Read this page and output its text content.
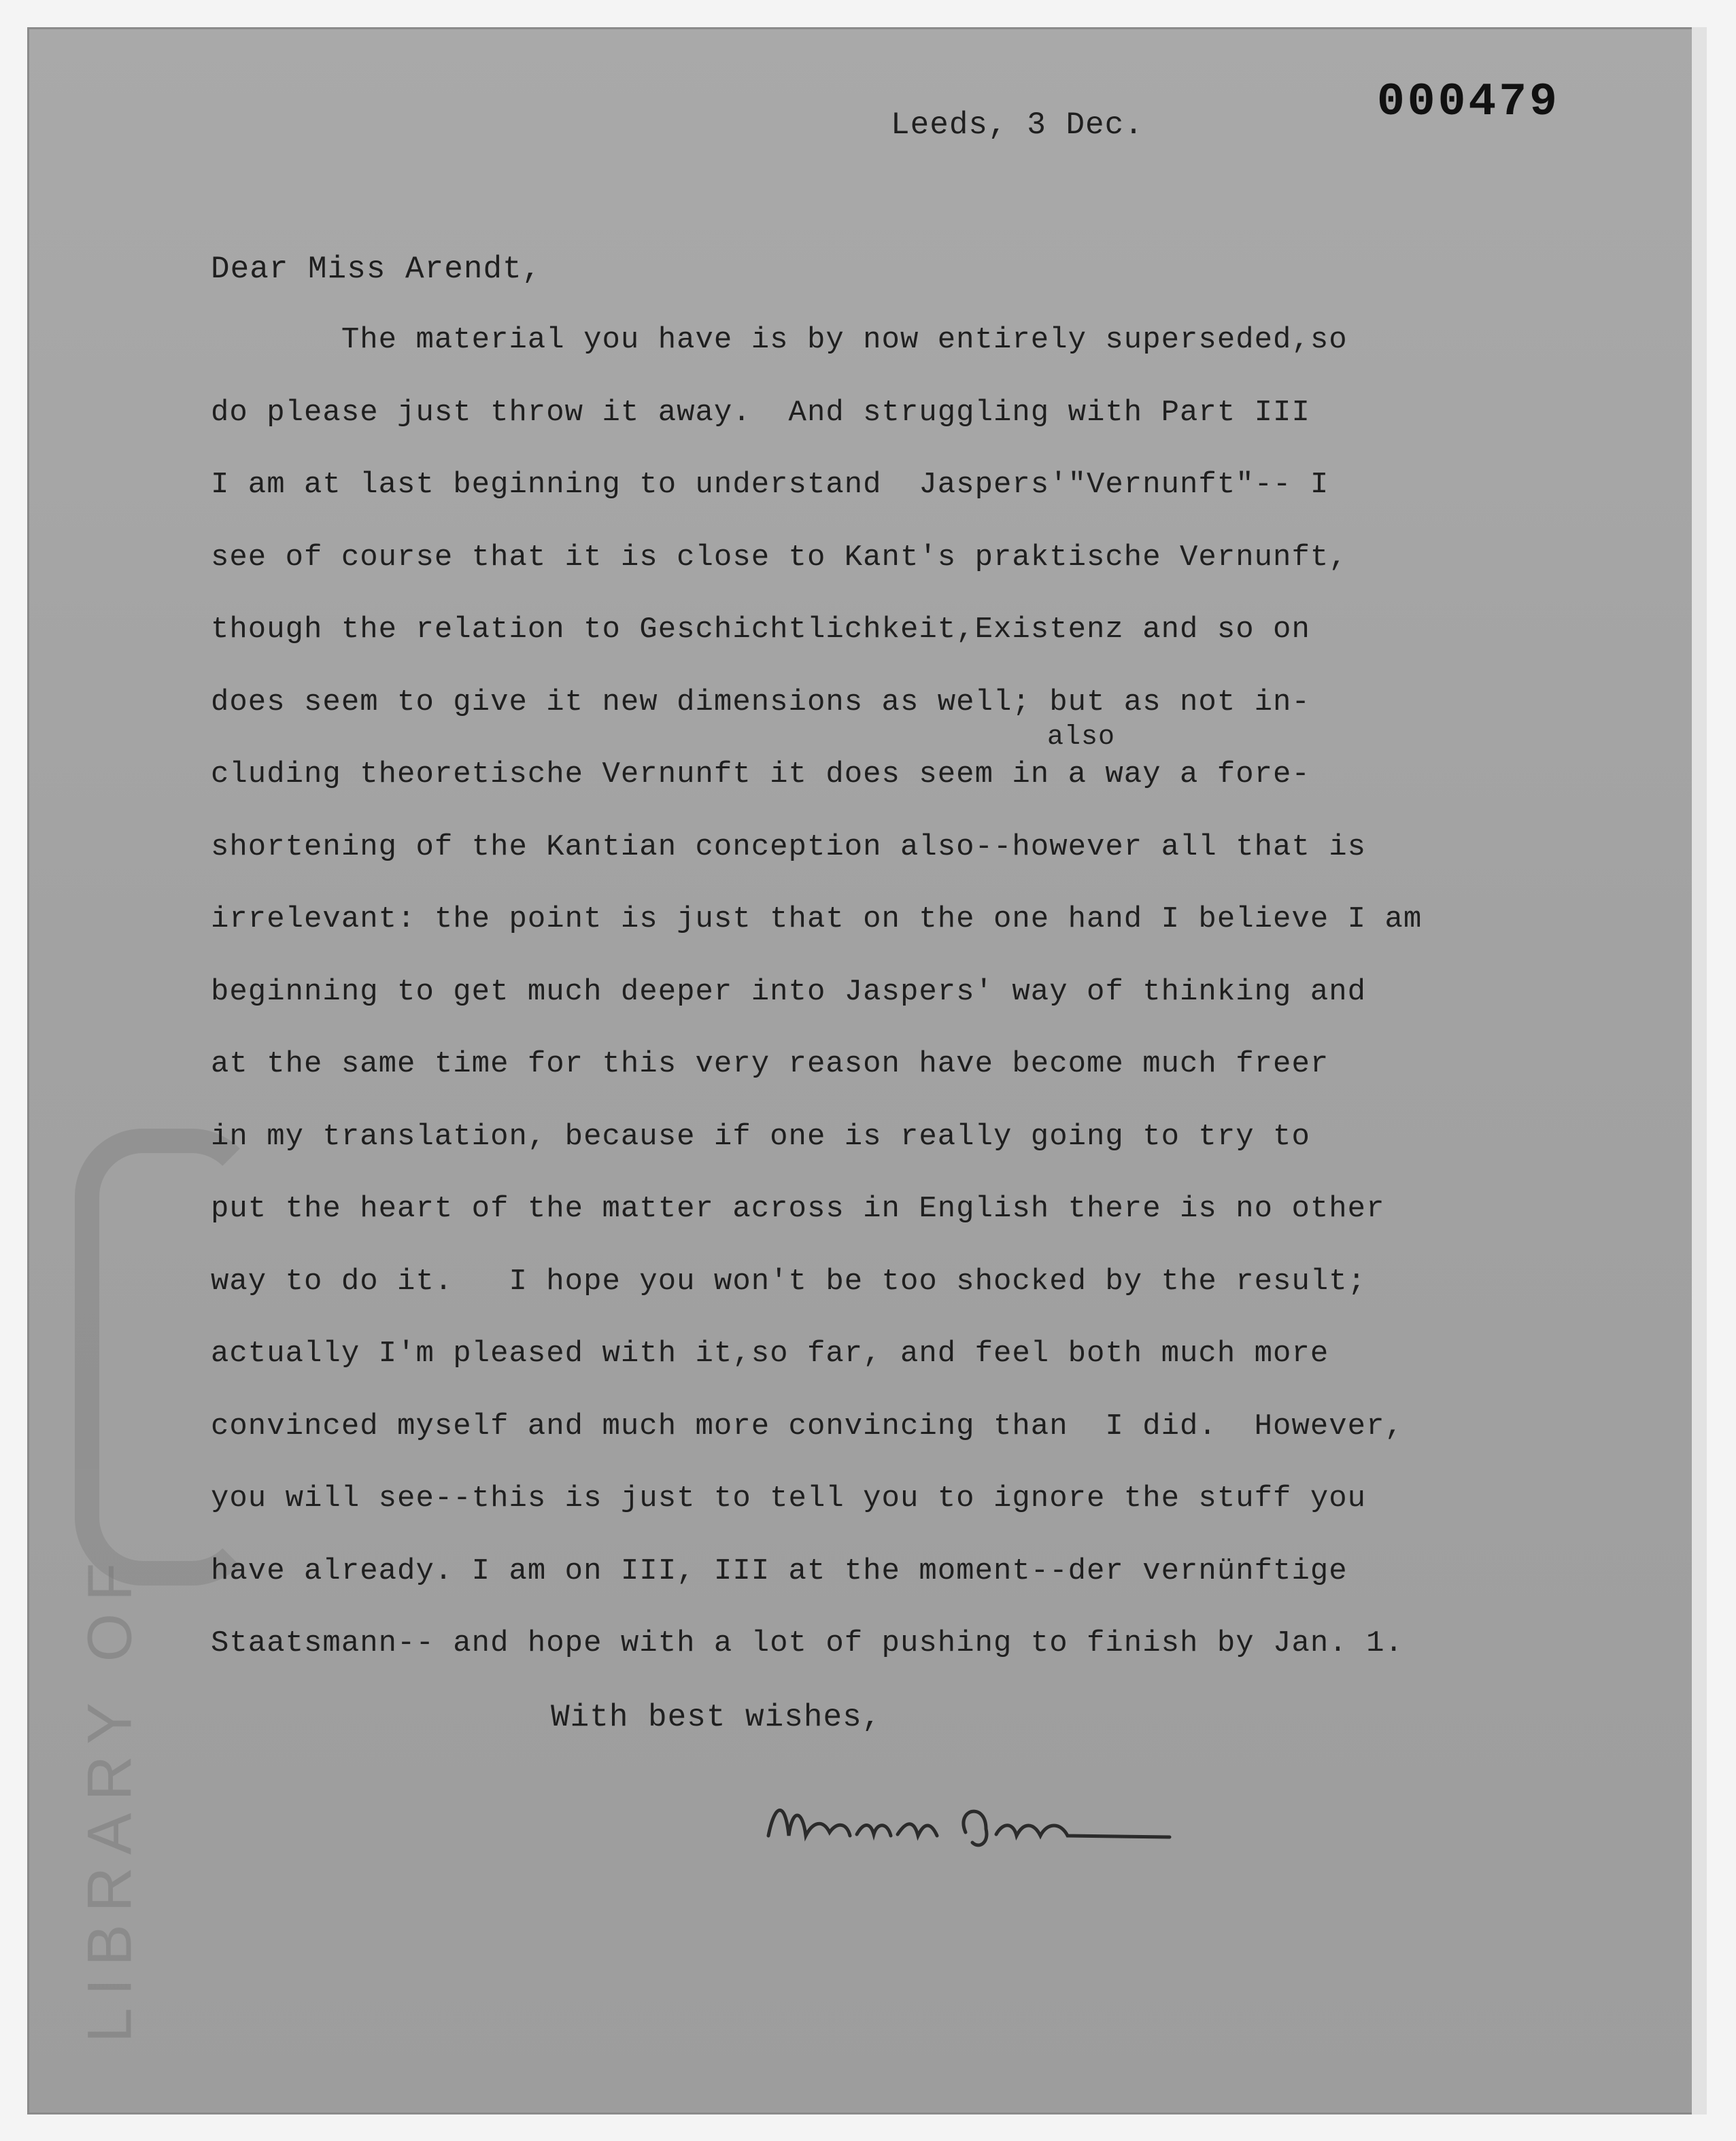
LIBRARY OF
Leeds, 3 Dec.	000479
Dear Miss Arendt,
The material you have is by now entirely superseded,so
do please just throw it away.  And struggling with Part III
I am at last beginning to understand  Jaspers'"Vernunft"-- I
see of course that it is close to Kant's praktische Vernunft,
though the relation to Geschichtlichkeit,Existenz and so on
does seem to give it new dimensions as well; but as not in-
cluding theoretische Vernunft it does seem in a way a fore-
shortening of the Kantian conception also--however all that is
irrelevant: the point is just that on the one hand I believe I am
beginning to get much deeper into Jaspers' way of thinking and
at the same time for this very reason have become much freer
in my translation, because if one is really going to try to
put the heart of the matter across in English there is no other
way to do it.   I hope you won't be too shocked by the result;
actually I'm pleased with it,so far, and feel both much more
convinced myself and much more convincing than  I did.  However,
you will see--this is just to tell you to ignore the stuff you
have already. I am on III, III at the moment--der vernünftige
Staatsmann-- and hope with a lot of pushing to finish by Jan. 1.
also
With best wishes,
